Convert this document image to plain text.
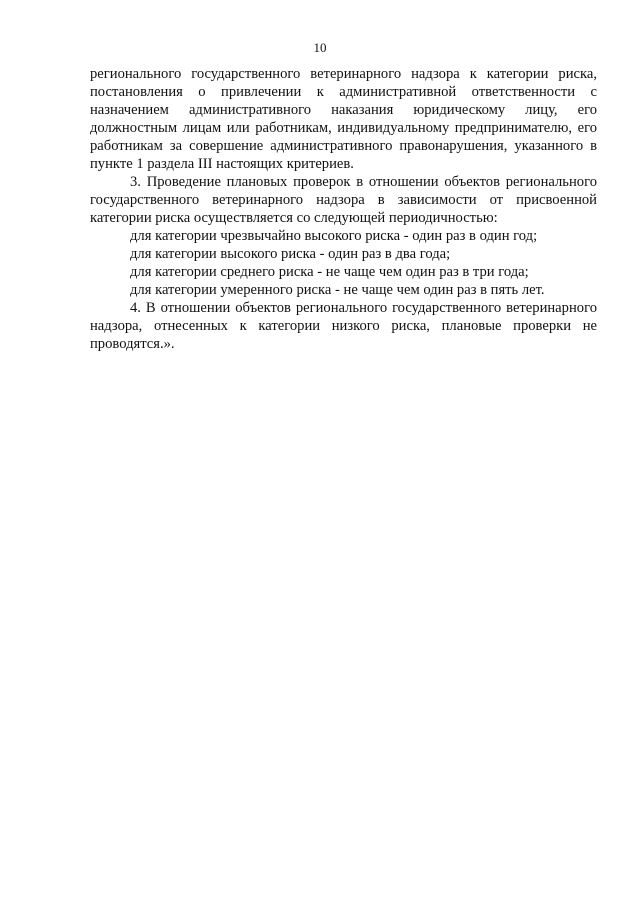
10

регионального государственного ветеринарного надзора к категории риска, постановления о привлечении к административной ответственности с назначением административного наказания юридическому лицу, его должностным лицам или работникам, индивидуальному предпринимателю, его работникам за совершение административного правонарушения, указанного в пункте 1 раздела III настоящих критериев.

3. Проведение плановых проверок в отношении объектов регионального государственного ветеринарного надзора в зависимости от присвоенной категории риска осуществляется со следующей периодичностью:

для категории чрезвычайно высокого риска - один раз в один год;

для категории высокого риска - один раз в два года;

для категории среднего риска - не чаще чем один раз в три года;

для категории умеренного риска - не чаще чем один раз в пять лет.

4. В отношении объектов регионального государственного ветеринарного надзора, отнесенных к категории низкого риска, плановые проверки не проводятся.».
